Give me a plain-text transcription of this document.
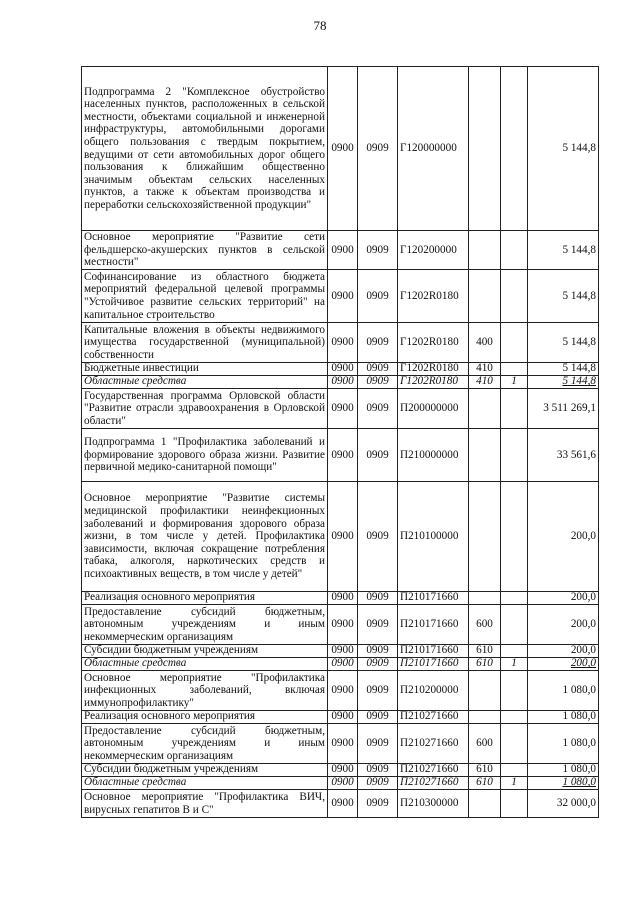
78
Подпрограмма 2 "Комплексное обустройство населенных пунктов, расположенных в сельской местности, объектами социальной и инженерной инфраструктуры, автомобильными дорогами общего пользования с твердым покрытием, ведущими от сети автомобильных дорог общего пользования к ближайшим общественно значимым объектам сельских населенных пунктов, а также к объектам производства и переработки сельскохозяйственной продукции"	0900	0909	Г120000000			5 144,8
Основное мероприятие "Развитие сети фельдшерско-акушерских пунктов в сельской местности"	0900	0909	Г120200000			5 144,8
Софинансирование из областного бюджета мероприятий федеральной целевой программы "Устойчивое развитие сельских территорий" на капитальное строительство	0900	0909	Г1202R0180			5 144,8
Капитальные вложения в объекты недвижимого имущества государственной (муниципальной) собственности	0900	0909	Г1202R0180	400		5 144,8
Бюджетные инвестиции	0900	0909	Г1202R0180	410		5 144,8
Областные средства	0900	0909	Г1202R0180	410	1	5 144,8
Государственная программа Орловской области "Развитие отрасли здравоохранения в Орловской области"	0900	0909	П200000000			3 511 269,1
Подпрограмма 1 "Профилактика заболеваний и формирование здорового образа жизни. Развитие первичной медико-санитарной помощи"	0900	0909	П210000000			33 561,6
Основное мероприятие "Развитие системы медицинской профилактики неинфекционных заболеваний и формирования здорового образа жизни, в том числе у детей. Профилактика зависимости, включая сокращение потребления табака, алкоголя, наркотических средств и психоактивных веществ, в том числе у детей"	0900	0909	П210100000			200,0
Реализация основного мероприятия	0900	0909	П210171660			200,0
Предоставление субсидий бюджетным, автономным учреждениям и иным некоммерческим организациям	0900	0909	П210171660	600		200,0
Субсидии бюджетным учреждениям	0900	0909	П210171660	610		200,0
Областные средства	0900	0909	П210171660	610	1	200,0
Основное мероприятие "Профилактика инфекционных заболеваний, включая иммунопрофилактику"	0900	0909	П210200000			1 080,0
Реализация основного мероприятия	0900	0909	П210271660			1 080,0
Предоставление субсидий бюджетным, автономным учреждениям и иным некоммерческим организациям	0900	0909	П210271660	600		1 080,0
Субсидии бюджетным учреждениям	0900	0909	П210271660	610		1 080,0
Областные средства	0900	0909	П210271660	610	1	1 080,0
Основное мероприятие "Профилактика ВИЧ, вирусных гепатитов В и С"	0900	0909	П210300000			32 000,0
